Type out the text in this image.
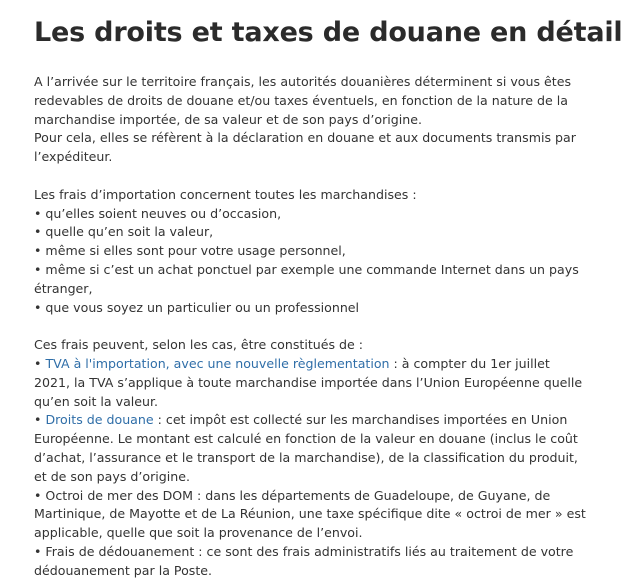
Les droits et taxes de douane en détail

A l’arrivée sur le territoire français, les autorités douanières déterminent si vous êtes

redevables de droits de douane et/ou taxes éventuels, en fonction de la nature de la

marchandise importée, de sa valeur et de son pays d’origine.

Pour cela, elles se réfèrent à la déclaration en douane et aux documents transmis par

l’expéditeur.

Les frais d’importation concernent toutes les marchandises :

• qu’elles soient neuves ou d’occasion,

• quelle qu’en soit la valeur,

• même si elles sont pour votre usage personnel,

• même si c’est un achat ponctuel par exemple une commande Internet dans un pays

étranger,

• que vous soyez un particulier ou un professionnel

Ces frais peuvent, selon les cas, être constitués de :

• TVA à l'importation, avec une nouvelle règlementation : à compter du 1er juillet

2021, la TVA s’applique à toute marchandise importée dans l’Union Européenne quelle

qu’en soit la valeur.

• Droits de douane : cet impôt est collecté sur les marchandises importées en Union

Européenne. Le montant est calculé en fonction de la valeur en douane (inclus le coût

d’achat, l’assurance et le transport de la marchandise), de la classification du produit,

et de son pays d’origine.

• Octroi de mer des DOM : dans les départements de Guadeloupe, de Guyane, de

Martinique, de Mayotte et de La Réunion, une taxe spécifique dite « octroi de mer » est

applicable, quelle que soit la provenance de l’envoi.

• Frais de dédouanement : ce sont des frais administratifs liés au traitement de votre

dédouanement par la Poste.
